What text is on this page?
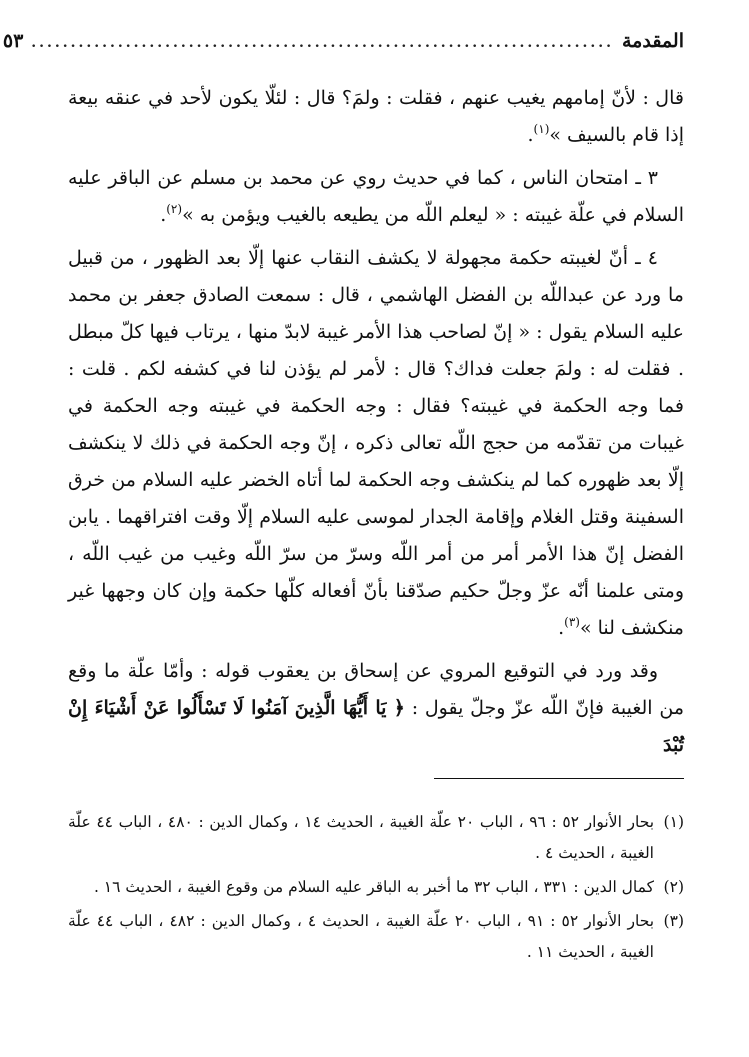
المقدمة
..........................................................................
٥٣

قال : لأنّ إمامهم يغيب عنهم ، فقلت : ولمَ؟ قال : لئلّا يكون لأحد في عنقه بيعة إذا قام بالسيف »$^{(١)}$.

٣ ـ امتحان الناس ، كما في حديث روي عن محمد بن مسلم عن الباقر عليه السلام في علّة غيبته : « ليعلم اللّه من يطيعه بالغيب ويؤمن به »$^{(٢)}$.

٤ ـ أنّ لغيبته حكمة مجهولة لا يكشف النقاب عنها إلّا بعد الظهور ، من قبيل ما ورد عن عبداللّه بن الفضل الهاشمي ، قال : سمعت الصادق جعفر بن محمد عليه السلام يقول : « إنّ لصاحب هذا الأمر غيبة لابدّ منها ، يرتاب فيها كلّ مبطل . فقلت له : ولمَ جعلت فداك؟ قال : لأمر لم يؤذن لنا في كشفه لكم . قلت : فما وجه الحكمة في غيبته؟ فقال : وجه الحكمة في غيبته وجه الحكمة في غيبات من تقدّمه من حجج اللّه تعالى ذكره ، إنّ وجه الحكمة في ذلك لا ينكشف إلّا بعد ظهوره كما لم ينكشف وجه الحكمة لما أتاه الخضر عليه السلام من خرق السفينة وقتل الغلام وإقامة الجدار لموسى عليه السلام إلّا وقت افتراقهما . يابن الفضل إنّ هذا الأمر أمر من أمر اللّه وسرّ من سرّ اللّه وغيب من غيب اللّه ، ومتى علمنا أنّه عزّ وجلّ حكيم صدّقنا بأنّ أفعاله كلّها حكمة وإن كان وجهها غير منكشف لنا »$^{(٣)}$.

وقد ورد في التوقيع المروي عن إسحاق بن يعقوب قوله : وأمّا علّة ما وقع من الغيبة فإنّ اللّه عزّ وجلّ يقول : ﴿ يَا أَيُّهَا الَّذِينَ آمَنُوا لَا تَسْأَلُوا عَنْ أَشْيَاءَ إِنْ تُبْدَ

(١)
بحار الأنوار ٥٢ : ٩٦ ، الباب ٢٠ علّة الغيبة ، الحديث ١٤ ، وكمال الدين : ٤٨٠ ، الباب ٤٤ علّة الغيبة ، الحديث ٤ .
(٢)
كمال الدين : ٣٣١ ، الباب ٣٢ ما أخبر به الباقر عليه السلام من وقوع الغيبة ، الحديث ١٦ .
(٣)
بحار الأنوار ٥٢ : ٩١ ، الباب ٢٠ علّة الغيبة ، الحديث ٤ ، وكمال الدين : ٤٨٢ ، الباب ٤٤ علّة الغيبة ، الحديث ١١ .
